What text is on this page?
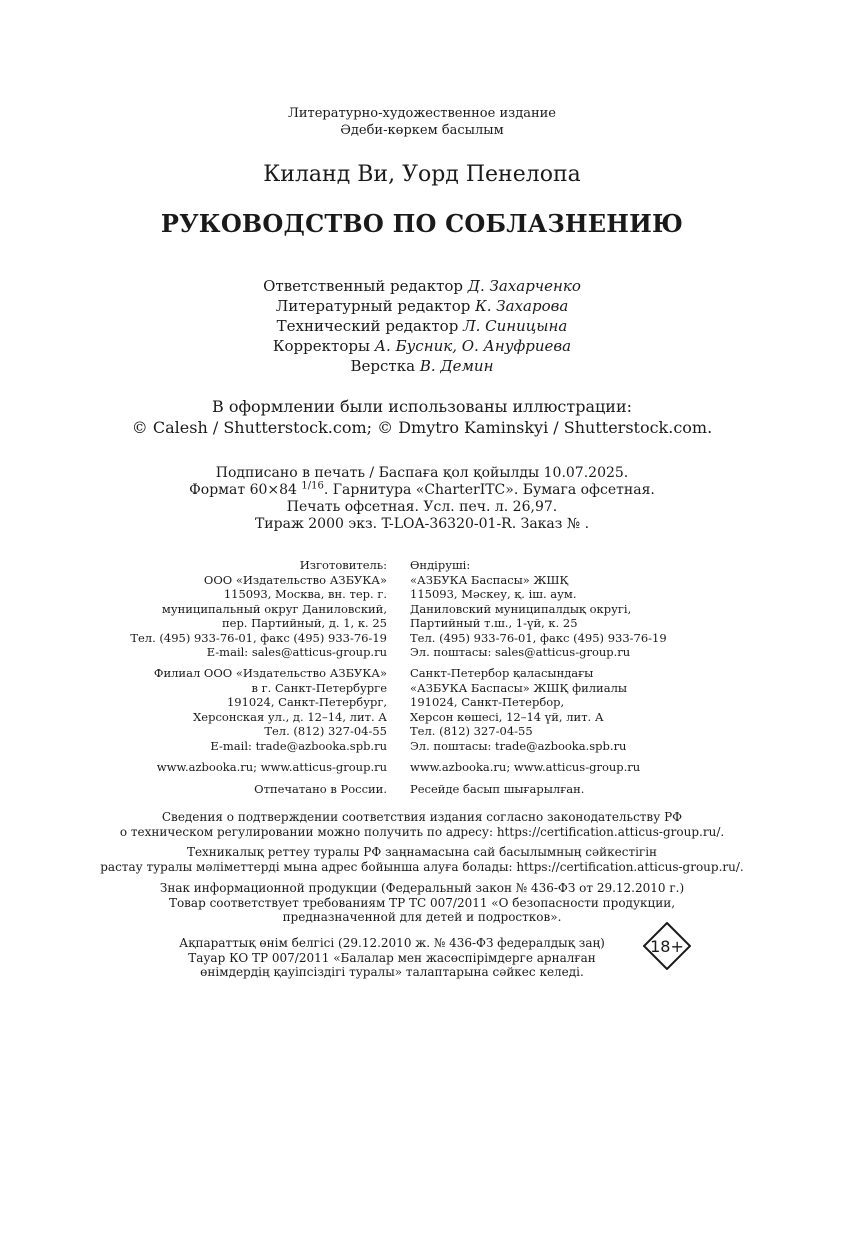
Литературно-художественное издание
Әдеби-көркем басылым
Киланд Ви, Уорд Пенелопа
РУКОВОДСТВО ПО СОБЛАЗНЕНИЮ
Ответственный редактор Д. Захарченко
Литературный редактор К. Захарова
Технический редактор Л. Синицына
Корректоры А. Бусник, О. Ануфриева
Верстка В. Демин
В оформлении были использованы иллюстрации:
© Calesh / Shutterstock.com; © Dmytro Kaminskyi / Shutterstock.com.
Подписано в печать / Баспаға қол қойылды 10.07.2025.
Формат 60×84 $^{1/16}$. Гарнитура «CharterITC». Бумага офсетная.
Печать офсетная. Усл. печ. л. 26,97.
Тираж 2000 экз. T-LOA-36320-01-R. Заказ № .
Изготовитель:
ООО «Издательство АЗБУКА»
115093, Москва, вн. тер. г.
муниципальный округ Даниловский,
пер. Партийный, д. 1, к. 25
Тел. (495) 933-76-01, факс (495) 933-76-19
E-mail: sales@atticus-group.ru
Өндіруші:
«АЗБУКА Баспасы» ЖШҚ
115093, Мәскеу, қ. іш. аум.
Даниловский муниципалдық округі,
Партийный т.ш., 1-үй, к. 25
Тел. (495) 933-76-01, факс (495) 933-76-19
Эл. поштасы: sales@atticus-group.ru
Филиал ООО «Издательство АЗБУКА»
в г. Санкт-Петербурге
191024, Санкт-Петербург,
Херсонская ул., д. 12–14, лит. А
Тел. (812) 327-04-55
E-mail: trade@azbooka.spb.ru
Санкт-Петербор қаласындағы
«АЗБУКА Баспасы» ЖШҚ филиалы
191024, Санкт-Петербор,
Херсон көшесі, 12–14 үй, лит. А
Тел. (812) 327-04-55
Эл. поштасы: trade@azbooka.spb.ru
www.azbooka.ru; www.atticus-group.ru www.azbooka.ru; www.atticus-group.ru
Отпечатано в России. Ресейде басып шығарылған.
Сведения о подтверждении соответствия издания согласно законодательству РФ
о техническом регулировании можно получить по адресу: https://certification.atticus-group.ru/.
Техникалық реттеу туралы РФ заңнамасына сай басылымның сәйкестігін
растау туралы мәліметтерді мына адрес бойынша алуға болады: https://certification.atticus-group.ru/.
Знак информационной продукции (Федеральный закон № 436-ФЗ от 29.12.2010 г.)
Товар соответствует требованиям ТР ТС 007/2011 «О безопасности продукции,
предназначенной для детей и подростков».
Ақпараттық өнім белгісі (29.12.2010 ж. № 436-ФЗ федералдық заң)
Тауар КО ТР 007/2011 «Балалар мен жасөспірімдерге арналған
өнімдердің қауіпсіздігі туралы» талаптарына сәйкес келеді.
18+
